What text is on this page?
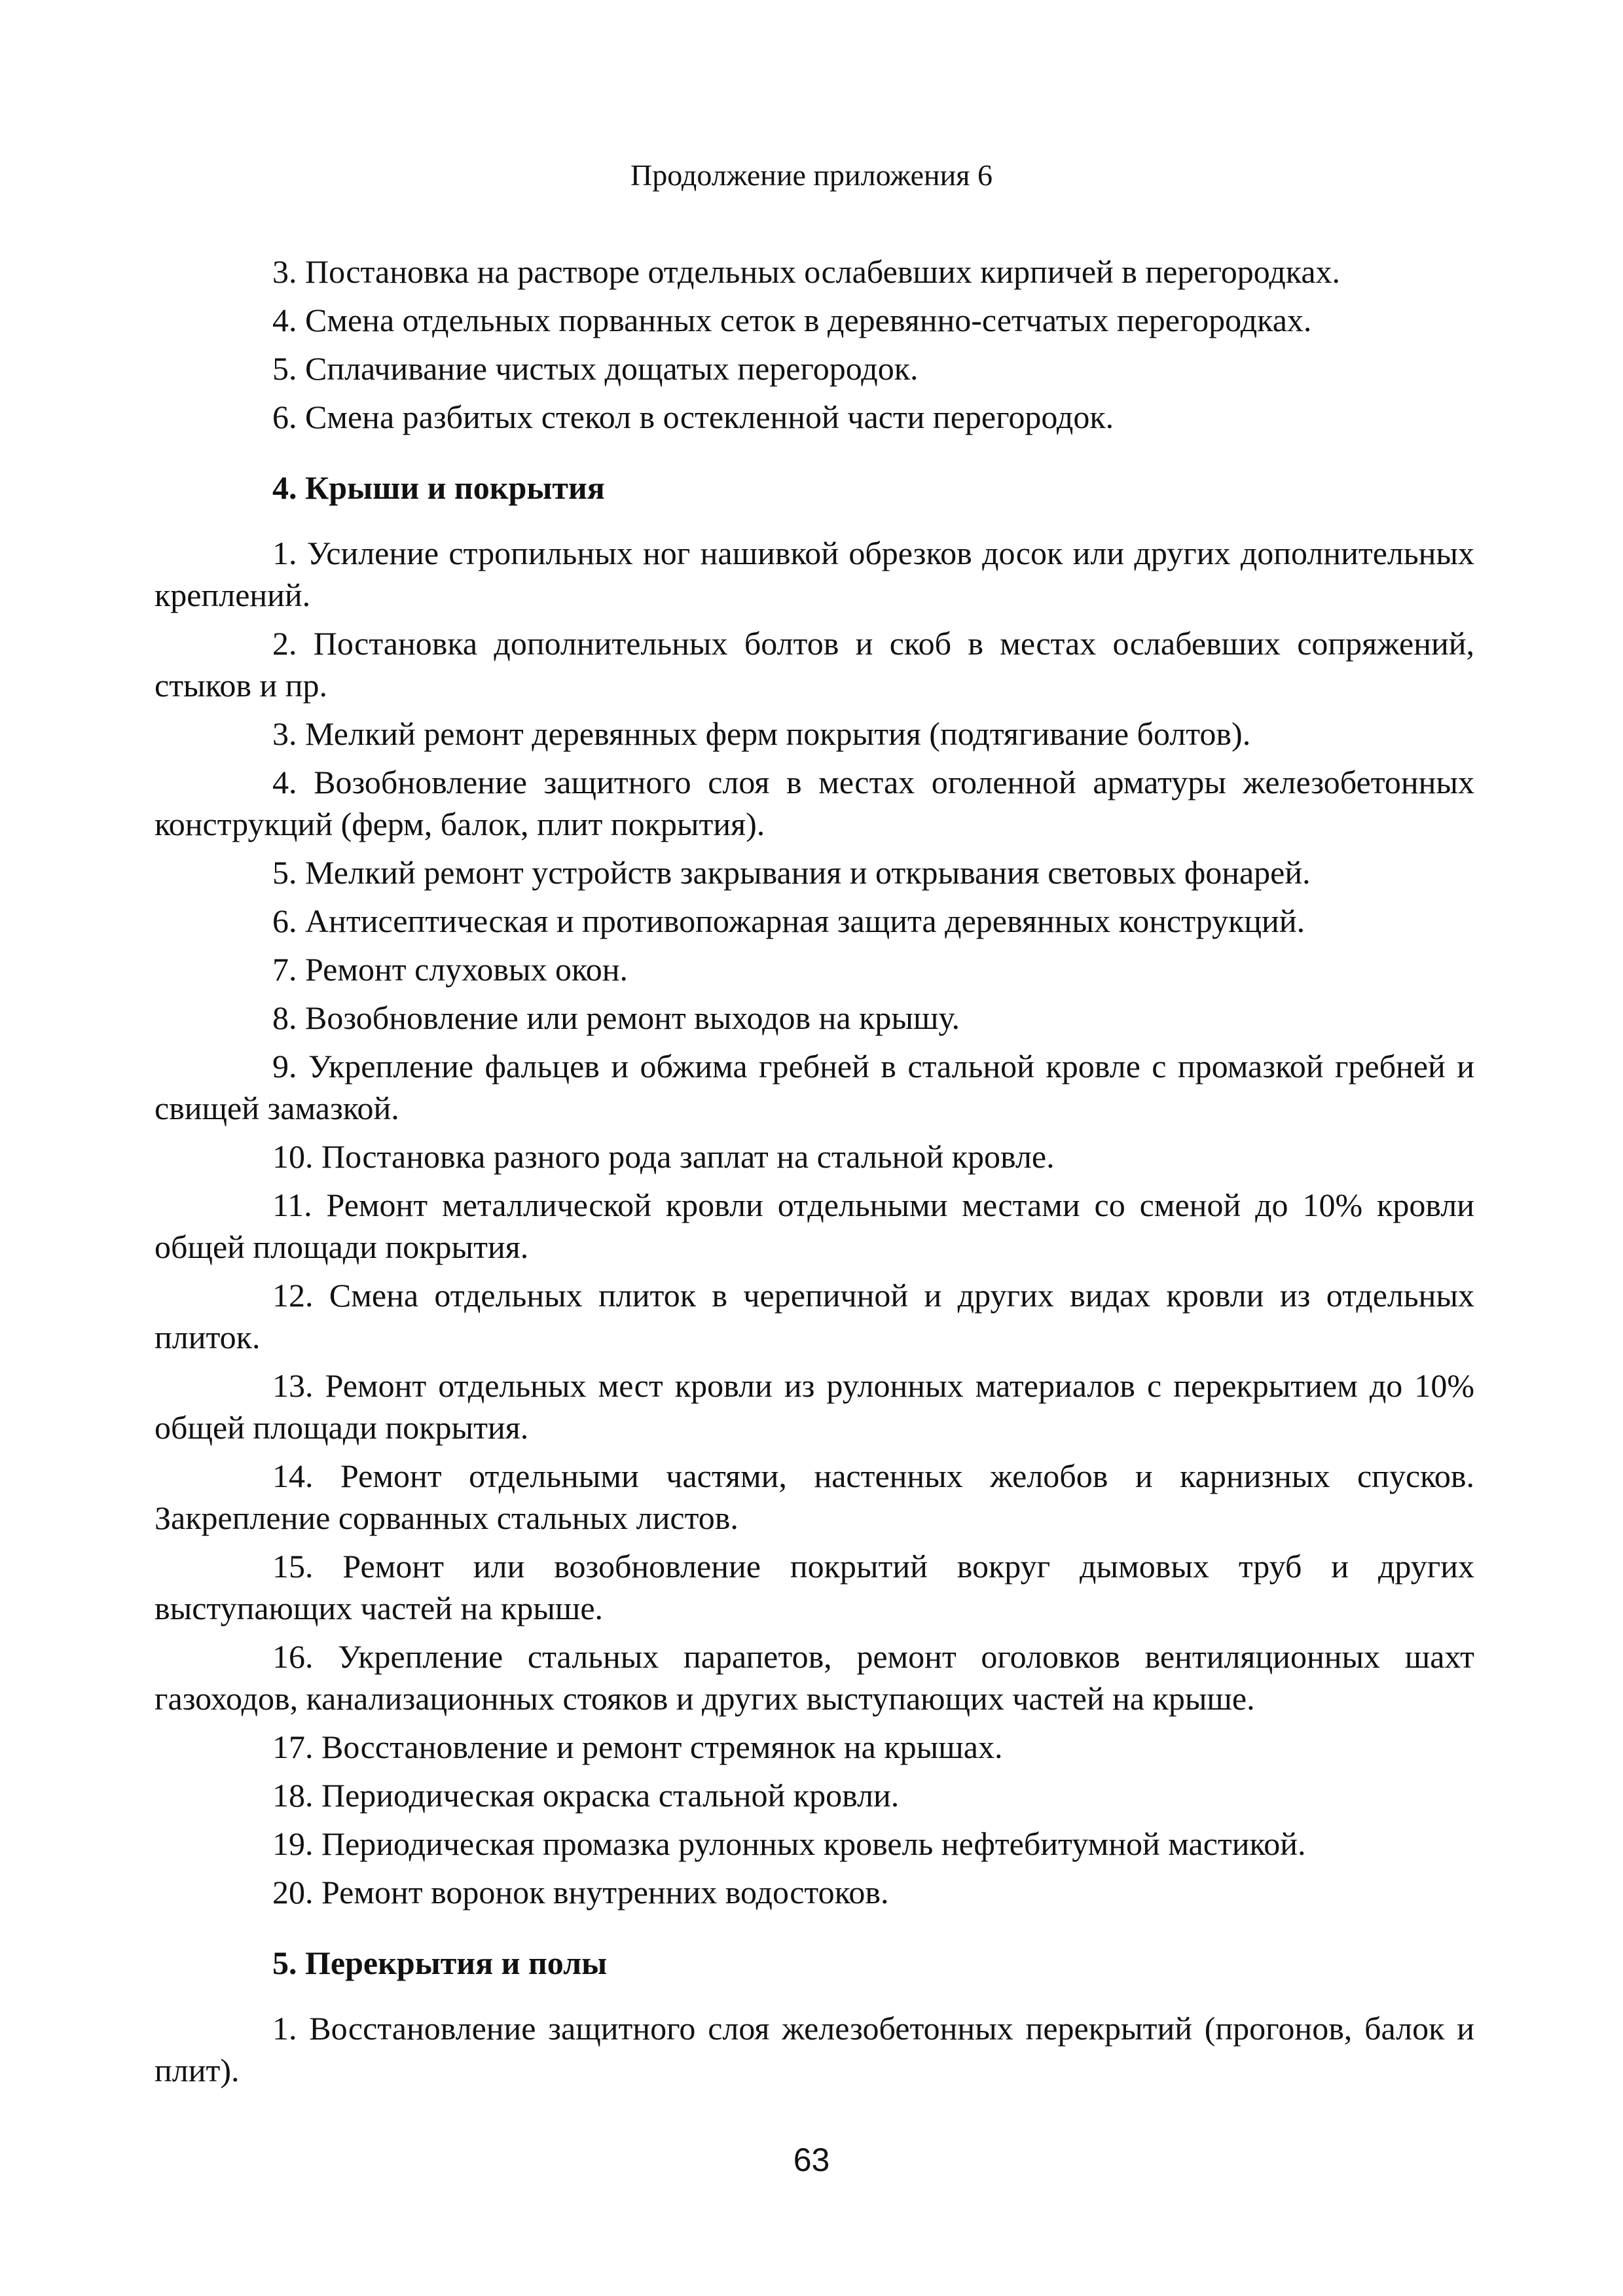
Продолжение приложения 6

3. Постановка на растворе отдельных ослабевших кирпичей в перегородках.

4. Смена отдельных порванных сеток в деревянно-сетчатых перегородках.

5. Сплачивание чистых дощатых перегородок.

6. Смена разбитых стекол в остекленной части перегородок.

4. Крыши и покрытия

1. Усиление стропильных ног нашивкой обрезков досок или других дополнительных креплений.

2. Постановка дополнительных болтов и скоб в местах ослабевших сопряжений, стыков и пр.

3. Мелкий ремонт деревянных ферм покрытия (подтягивание болтов).

4. Возобновление защитного слоя в местах оголенной арматуры железобетонных конструкций (ферм, балок, плит покрытия).

5. Мелкий ремонт устройств закрывания и открывания световых фонарей.

6. Антисептическая и противопожарная защита деревянных конструкций.

7. Ремонт слуховых окон.

8. Возобновление или ремонт выходов на крышу.

9. Укрепление фальцев и обжима гребней в стальной кровле с промазкой гребней и свищей замазкой.

10. Постановка разного рода заплат на стальной кровле.

11. Ремонт металлической кровли отдельными местами со сменой до 10% кровли общей площади покрытия.

12. Смена отдельных плиток в черепичной и других видах кровли из отдельных плиток.

13. Ремонт отдельных мест кровли из рулонных материалов с перекрытием до 10% общей площади покрытия.

14. Ремонт отдельными частями, настенных желобов и карнизных спусков. Закрепление сорванных стальных листов.

15. Ремонт или возобновление покрытий вокруг дымовых труб и других выступающих частей на крыше.

16. Укрепление стальных парапетов, ремонт оголовков вентиляционных шахт газоходов, канализационных стояков и других выступающих частей на крыше.

17. Восстановление и ремонт стремянок на крышах.

18. Периодическая окраска стальной кровли.

19. Периодическая промазка рулонных кровель нефтебитумной мастикой.

20. Ремонт воронок внутренних водостоков.

5. Перекрытия и полы

1. Восстановление защитного слоя железобетонных перекрытий (прогонов, балок и плит).

63
